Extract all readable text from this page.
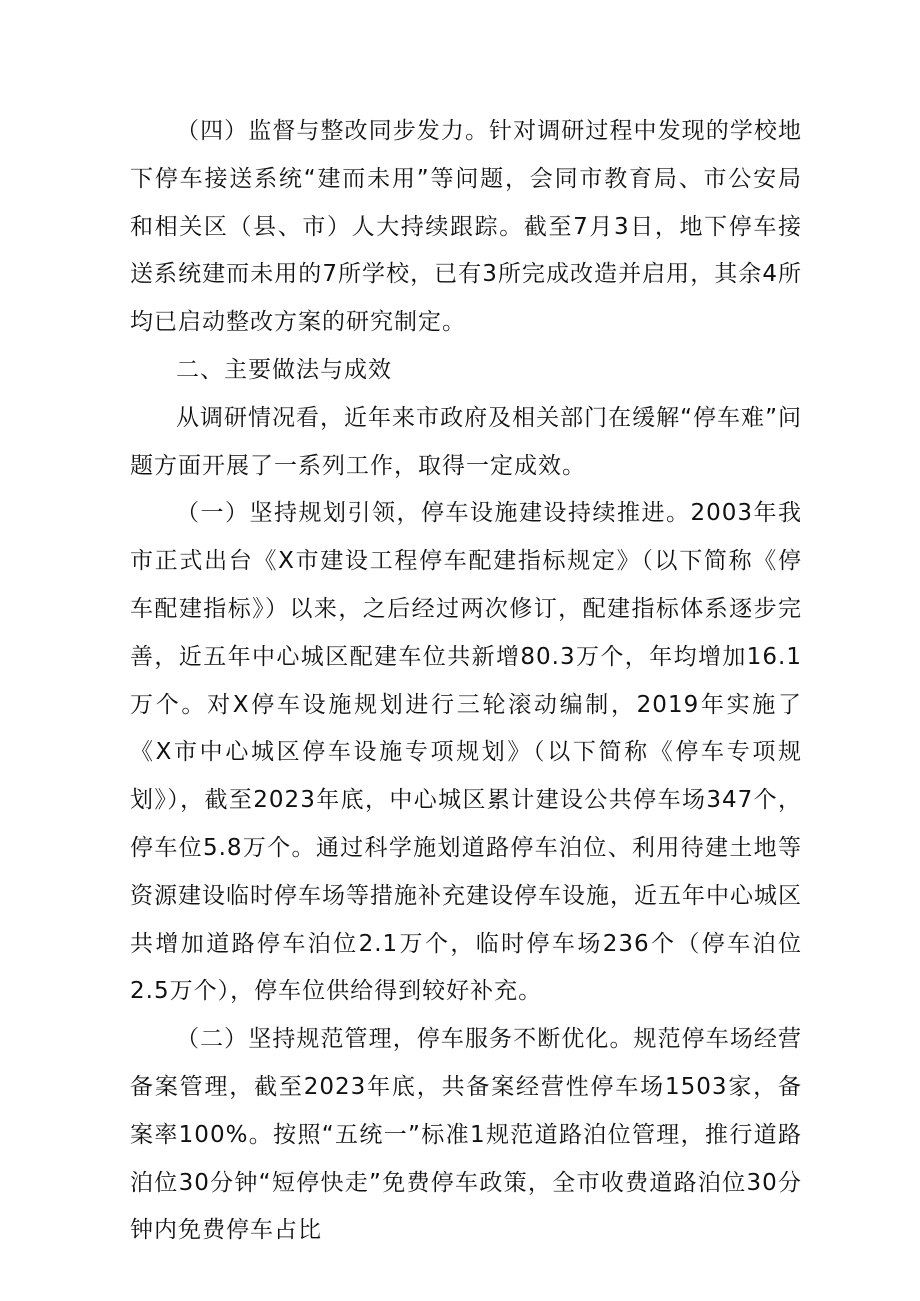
（四）监督与整改同步发力。针对调研过程中发现的学校地下停车接送系统“建而未用”等问题，会同市教育局、市公安局和相关区（县、市）人大持续跟踪。截至7月3日，地下停车接送系统建而未用的7所学校，已有3所完成改造并启用，其余4所均已启动整改方案的研究制定。

二、主要做法与成效

从调研情况看，近年来市政府及相关部门在缓解“停车难”问题方面开展了一系列工作，取得一定成效。

（一）坚持规划引领，停车设施建设持续推进。2003年我市正式出台《X市建设工程停车配建指标规定》（以下简称《停车配建指标》）以来，之后经过两次修订，配建指标体系逐步完善，近五年中心城区配建车位共新增80.3万个，年均增加16.1万个。对X停车设施规划进行三轮滚动编制，2019年实施了《X市中心城区停车设施专项规划》（以下简称《停车专项规划》），截至2023年底，中心城区累计建设公共停车场347个，停车位5.8万个。通过科学施划道路停车泊位、利用待建土地等资源建设临时停车场等措施补充建设停车设施，近五年中心城区共增加道路停车泊位2.1万个，临时停车场236个（停车泊位2.5万个），停车位供给得到较好补充。

（二）坚持规范管理，停车服务不断优化。规范停车场经营备案管理，截至2023年底，共备案经营性停车场1503家，备案率100%。按照“五统一”标准1规范道路泊位管理，推行道路泊位30分钟“短停快走”免费停车政策，全市收费道路泊位30分钟内免费停车占比
